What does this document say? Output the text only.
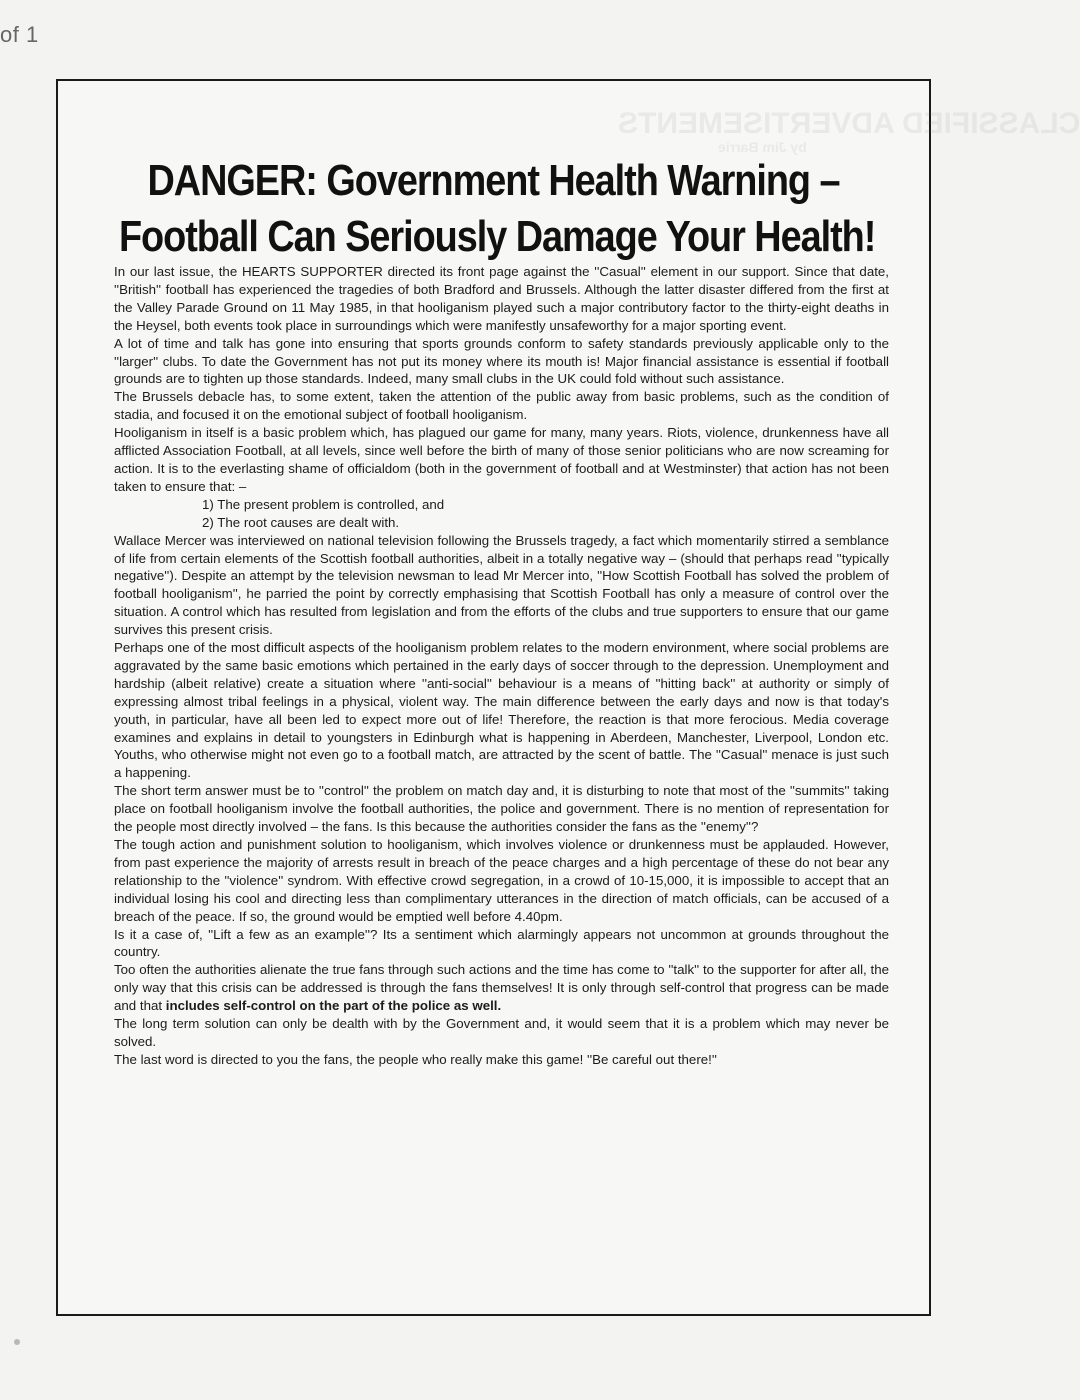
of 1
CLASSIFIED ADVERTISEMENTS
by Jim Barrie
DANGER: Government Health Warning –
Football Can Seriously Damage Your Health!

In our last issue, the HEARTS SUPPORTER directed its front page against the ''Casual'' element in our support. Since that date, ''British'' football has experienced the tragedies of both Bradford and Brussels. Although the latter disaster differed from the first at the Valley Parade Ground on 11 May 1985, in that hooliganism played such a major contributory factor to the thirty-eight deaths in the Heysel, both events took place in surroundings which were manifestly unsafeworthy for a major sporting event.

A lot of time and talk has gone into ensuring that sports grounds conform to safety standards previously applicable only to the ''larger'' clubs. To date the Government has not put its money where its mouth is! Major financial assistance is essential if football grounds are to tighten up those standards. Indeed, many small clubs in the UK could fold without such assistance.

The Brussels debacle has, to some extent, taken the attention of the public away from basic problems, such as the condition of stadia, and focused it on the emotional subject of football hooliganism.

Hooliganism in itself is a basic problem which, has plagued our game for many, many years. Riots, violence, drunkenness have all afflicted Association Football, at all levels, since well before the birth of many of those senior politicians who are now screaming for action. It is to the everlasting shame of officialdom (both in the government of football and at Westminster) that action has not been taken to ensure that: –

1) The present problem is controlled, and
2) The root causes are dealt with.

Wallace Mercer was interviewed on national television following the Brussels tragedy, a fact which momentarily stirred a semblance of life from certain elements of the Scottish football authorities, albeit in a totally negative way – (should that perhaps read ''typically negative''). Despite an attempt by the television newsman to lead Mr Mercer into, ''How Scottish Football has solved the problem of football hooliganism'', he parried the point by correctly emphasising that Scottish Football has only a measure of control over the situation. A control which has resulted from legislation and from the efforts of the clubs and true supporters to ensure that our game survives this present crisis.

Perhaps one of the most difficult aspects of the hooliganism problem relates to the modern environment, where social problems are aggravated by the same basic emotions which pertained in the early days of soccer through to the depression. Unemployment and hardship (albeit relative) create a situation where ''anti-social'' behaviour is a means of ''hitting back'' at authority or simply of expressing almost tribal feelings in a physical, violent way. The main difference between the early days and now is that today's youth, in particular, have all been led to expect more out of life! Therefore, the reaction is that more ferocious. Media coverage examines and explains in detail to youngsters in Edinburgh what is happening in Aberdeen, Manchester, Liverpool, London etc. Youths, who otherwise might not even go to a football match, are attracted by the scent of battle. The ''Casual'' menace is just such a happening.

The short term answer must be to ''control'' the problem on match day and, it is disturbing to note that most of the ''summits'' taking place on football hooliganism involve the football authorities, the police and government. There is no mention of representation for the people most directly involved – the fans. Is this because the authorities consider the fans as the ''enemy''?

The tough action and punishment solution to hooliganism, which involves violence or drunkenness must be applauded. However, from past experience the majority of arrests result in breach of the peace charges and a high percentage of these do not bear any relationship to the ''violence'' syndrom. With effective crowd segregation, in a crowd of 10-15,000, it is impossible to accept that an individual losing his cool and directing less than complimentary utterances in the direction of match officials, can be accused of a breach of the peace. If so, the ground would be emptied well before 4.40pm.

Is it a case of, ''Lift a few as an example''? Its a sentiment which alarmingly appears not uncommon at grounds throughout the country.

Too often the authorities alienate the true fans through such actions and the time has come to ''talk'' to the supporter for after all, the only way that this crisis can be addressed is through the fans themselves! It is only through self-control that progress can be made and that includes self-control on the part of the police as well.

The long term solution can only be dealth with by the Government and, it would seem that it is a problem which may never be solved.

The last word is directed to you the fans, the people who really make this game! ''Be careful out there!''
